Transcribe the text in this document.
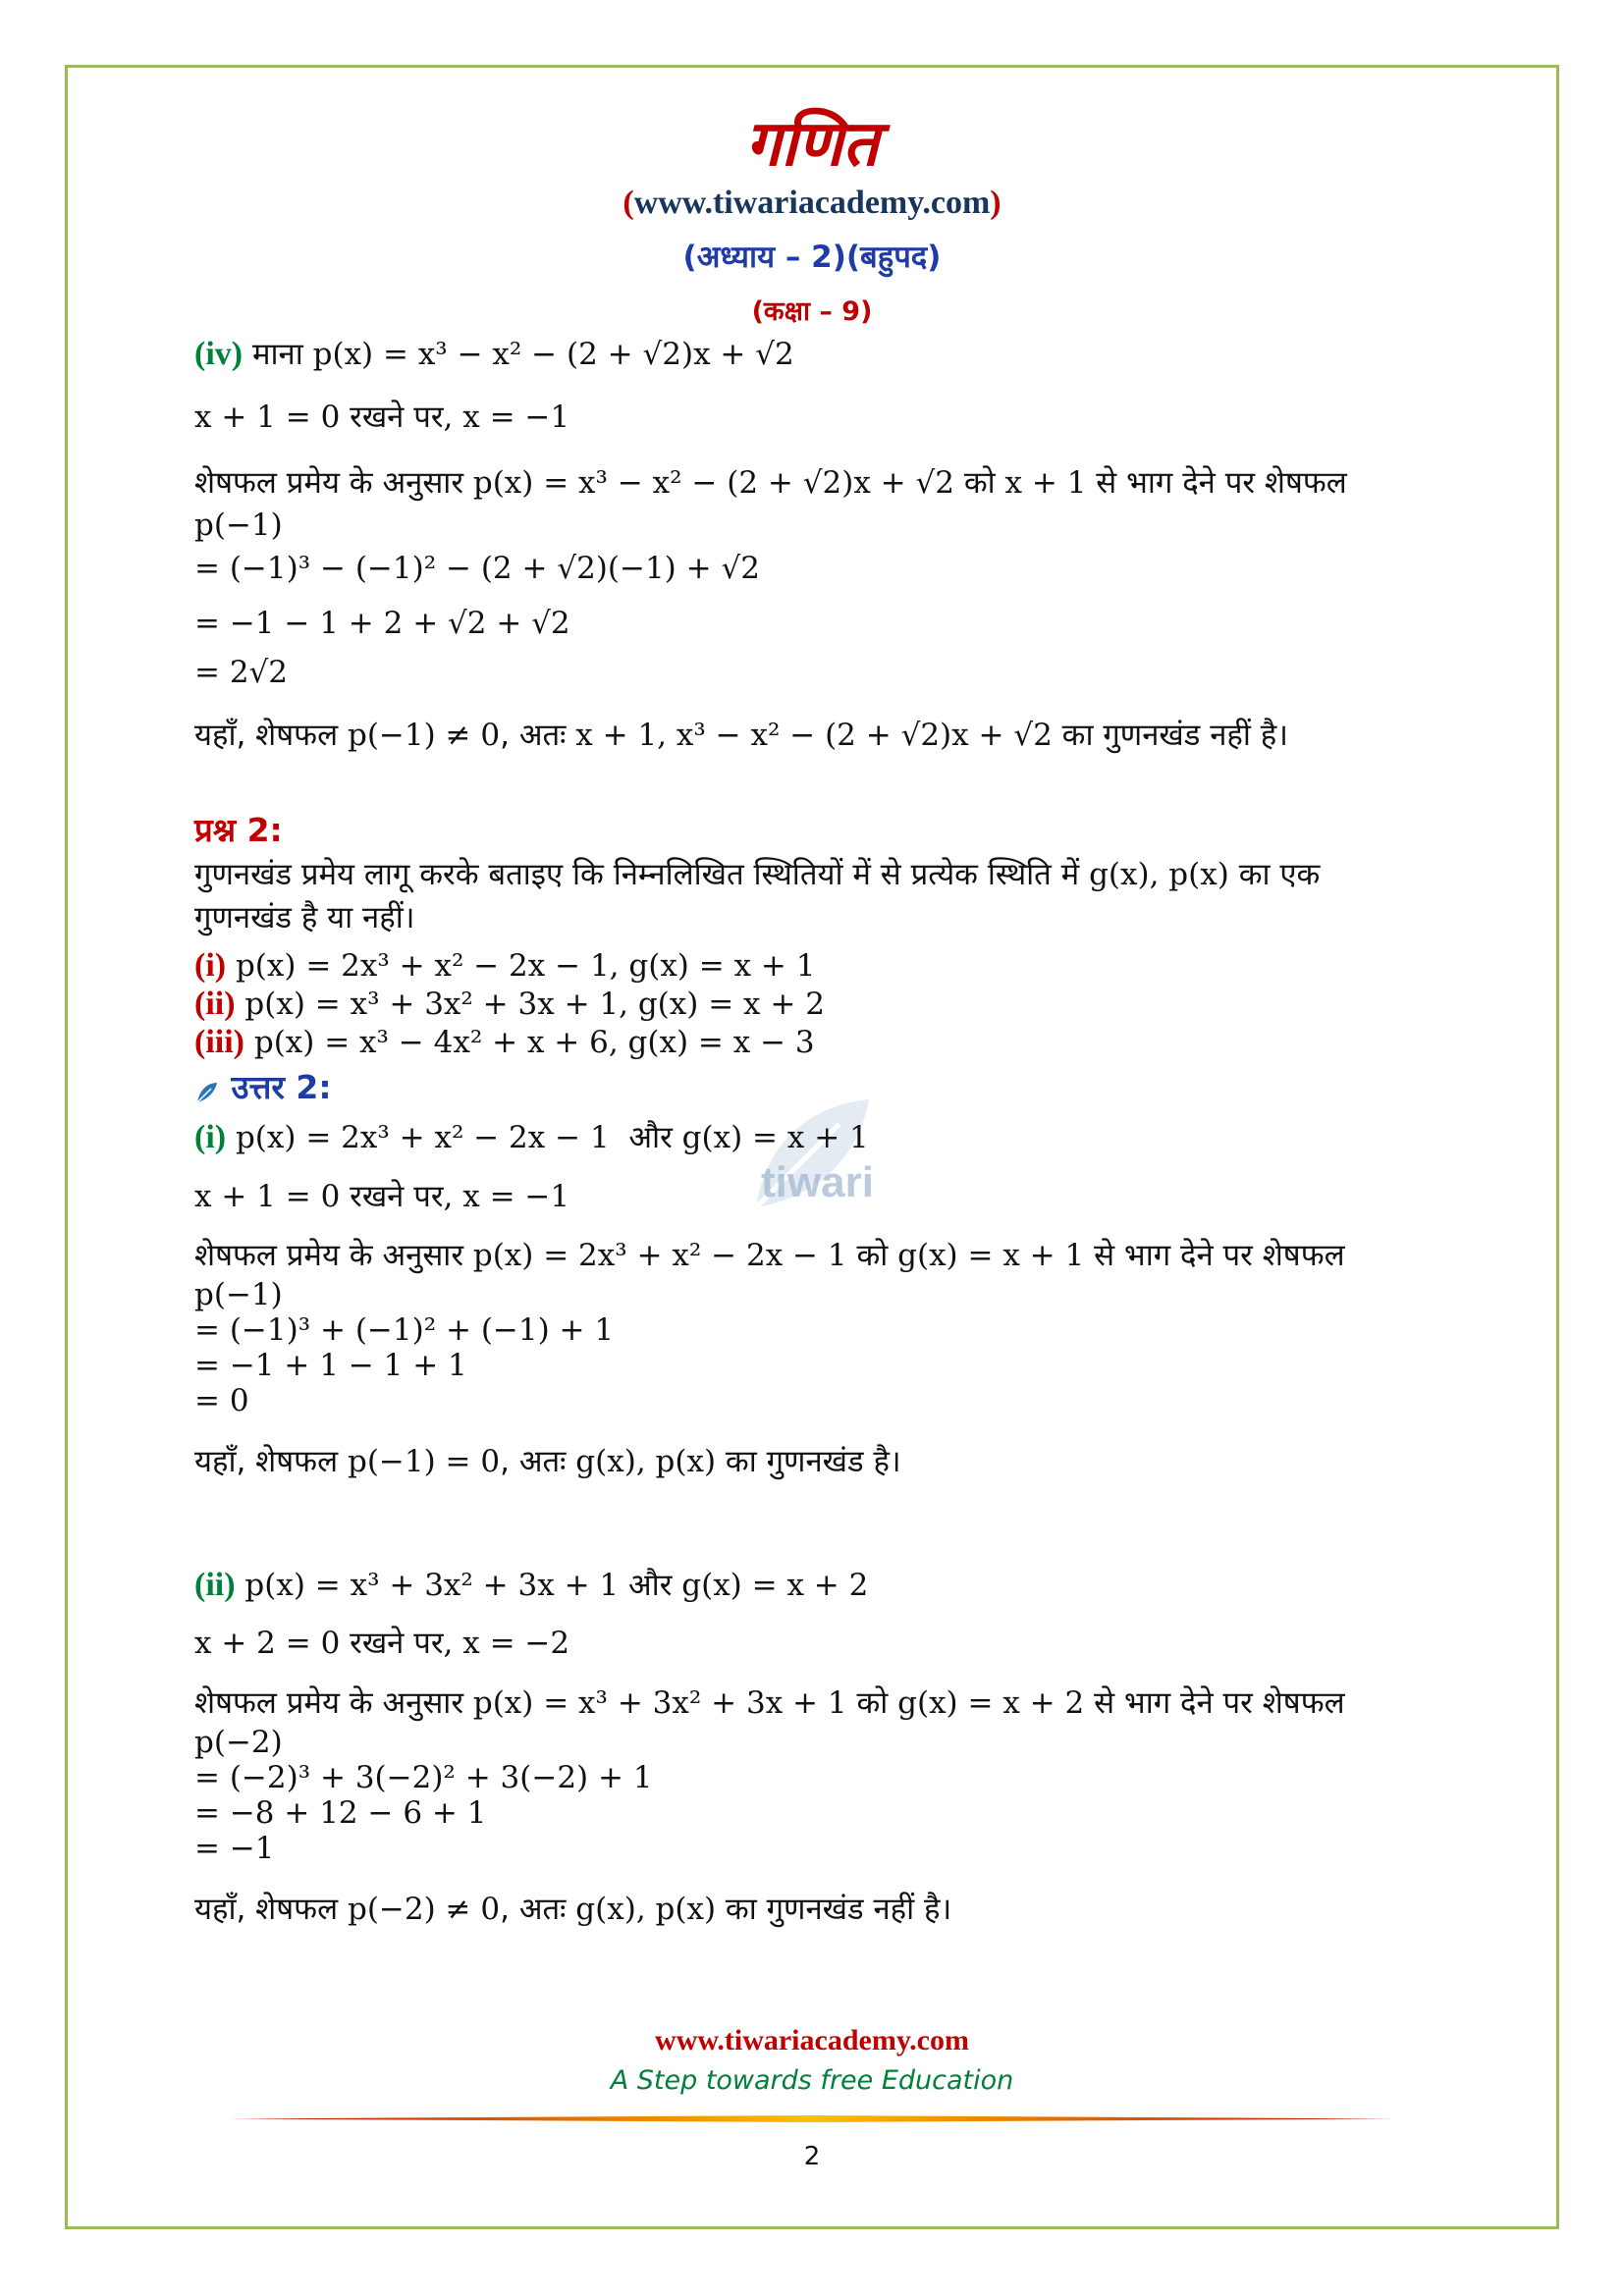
गणित
(www.tiwariacademy.com)
(अध्याय – 2)(बहुपद)
(कक्षा – 9)
(iv) माना p(x) = x³ − x² − (2 + √2)x + √2
x + 1 = 0 रखने पर, x = −1
शेषफल प्रमेय के अनुसार p(x) = x³ − x² − (2 + √2)x + √2 को x + 1 से भाग देने पर शेषफल
p(−1)
= (−1)³ − (−1)² − (2 + √2)(−1) + √2
= −1 − 1 + 2 + √2 + √2
= 2√2
यहाँ, शेषफल p(−1) ≠ 0, अतः x + 1, x³ − x² − (2 + √2)x + √2 का गुणनखंड नहीं है।
प्रश्न 2:
गुणनखंड प्रमेय लागू करके बताइए कि निम्नलिखित स्थितियों में से प्रत्येक स्थिति में g(x), p(x) का एक
गुणनखंड है या नहीं।
(i) p(x) = 2x³ + x² − 2x − 1, g(x) = x + 1
(ii) p(x) = x³ + 3x² + 3x + 1, g(x) = x + 2
(iii) p(x) = x³ − 4x² + x + 6, g(x) = x − 3
उत्तर 2:
tiwari
(i) p(x) = 2x³ + x² − 2x − 1 और g(x) = x + 1
x + 1 = 0 रखने पर, x = −1
शेषफल प्रमेय के अनुसार p(x) = 2x³ + x² − 2x − 1 को g(x) = x + 1 से भाग देने पर शेषफल
p(−1)
= (−1)³ + (−1)² + (−1) + 1
= −1 + 1 − 1 + 1
= 0
यहाँ, शेषफल p(−1) = 0, अतः g(x), p(x) का गुणनखंड है।
(ii) p(x) = x³ + 3x² + 3x + 1 और g(x) = x + 2
x + 2 = 0 रखने पर, x = −2
शेषफल प्रमेय के अनुसार p(x) = x³ + 3x² + 3x + 1 को g(x) = x + 2 से भाग देने पर शेषफल
p(−2)
= (−2)³ + 3(−2)² + 3(−2) + 1
= −8 + 12 − 6 + 1
= −1
यहाँ, शेषफल p(−2) ≠ 0, अतः g(x), p(x) का गुणनखंड नहीं है।
www.tiwariacademy.com
A Step towards free Education
2
